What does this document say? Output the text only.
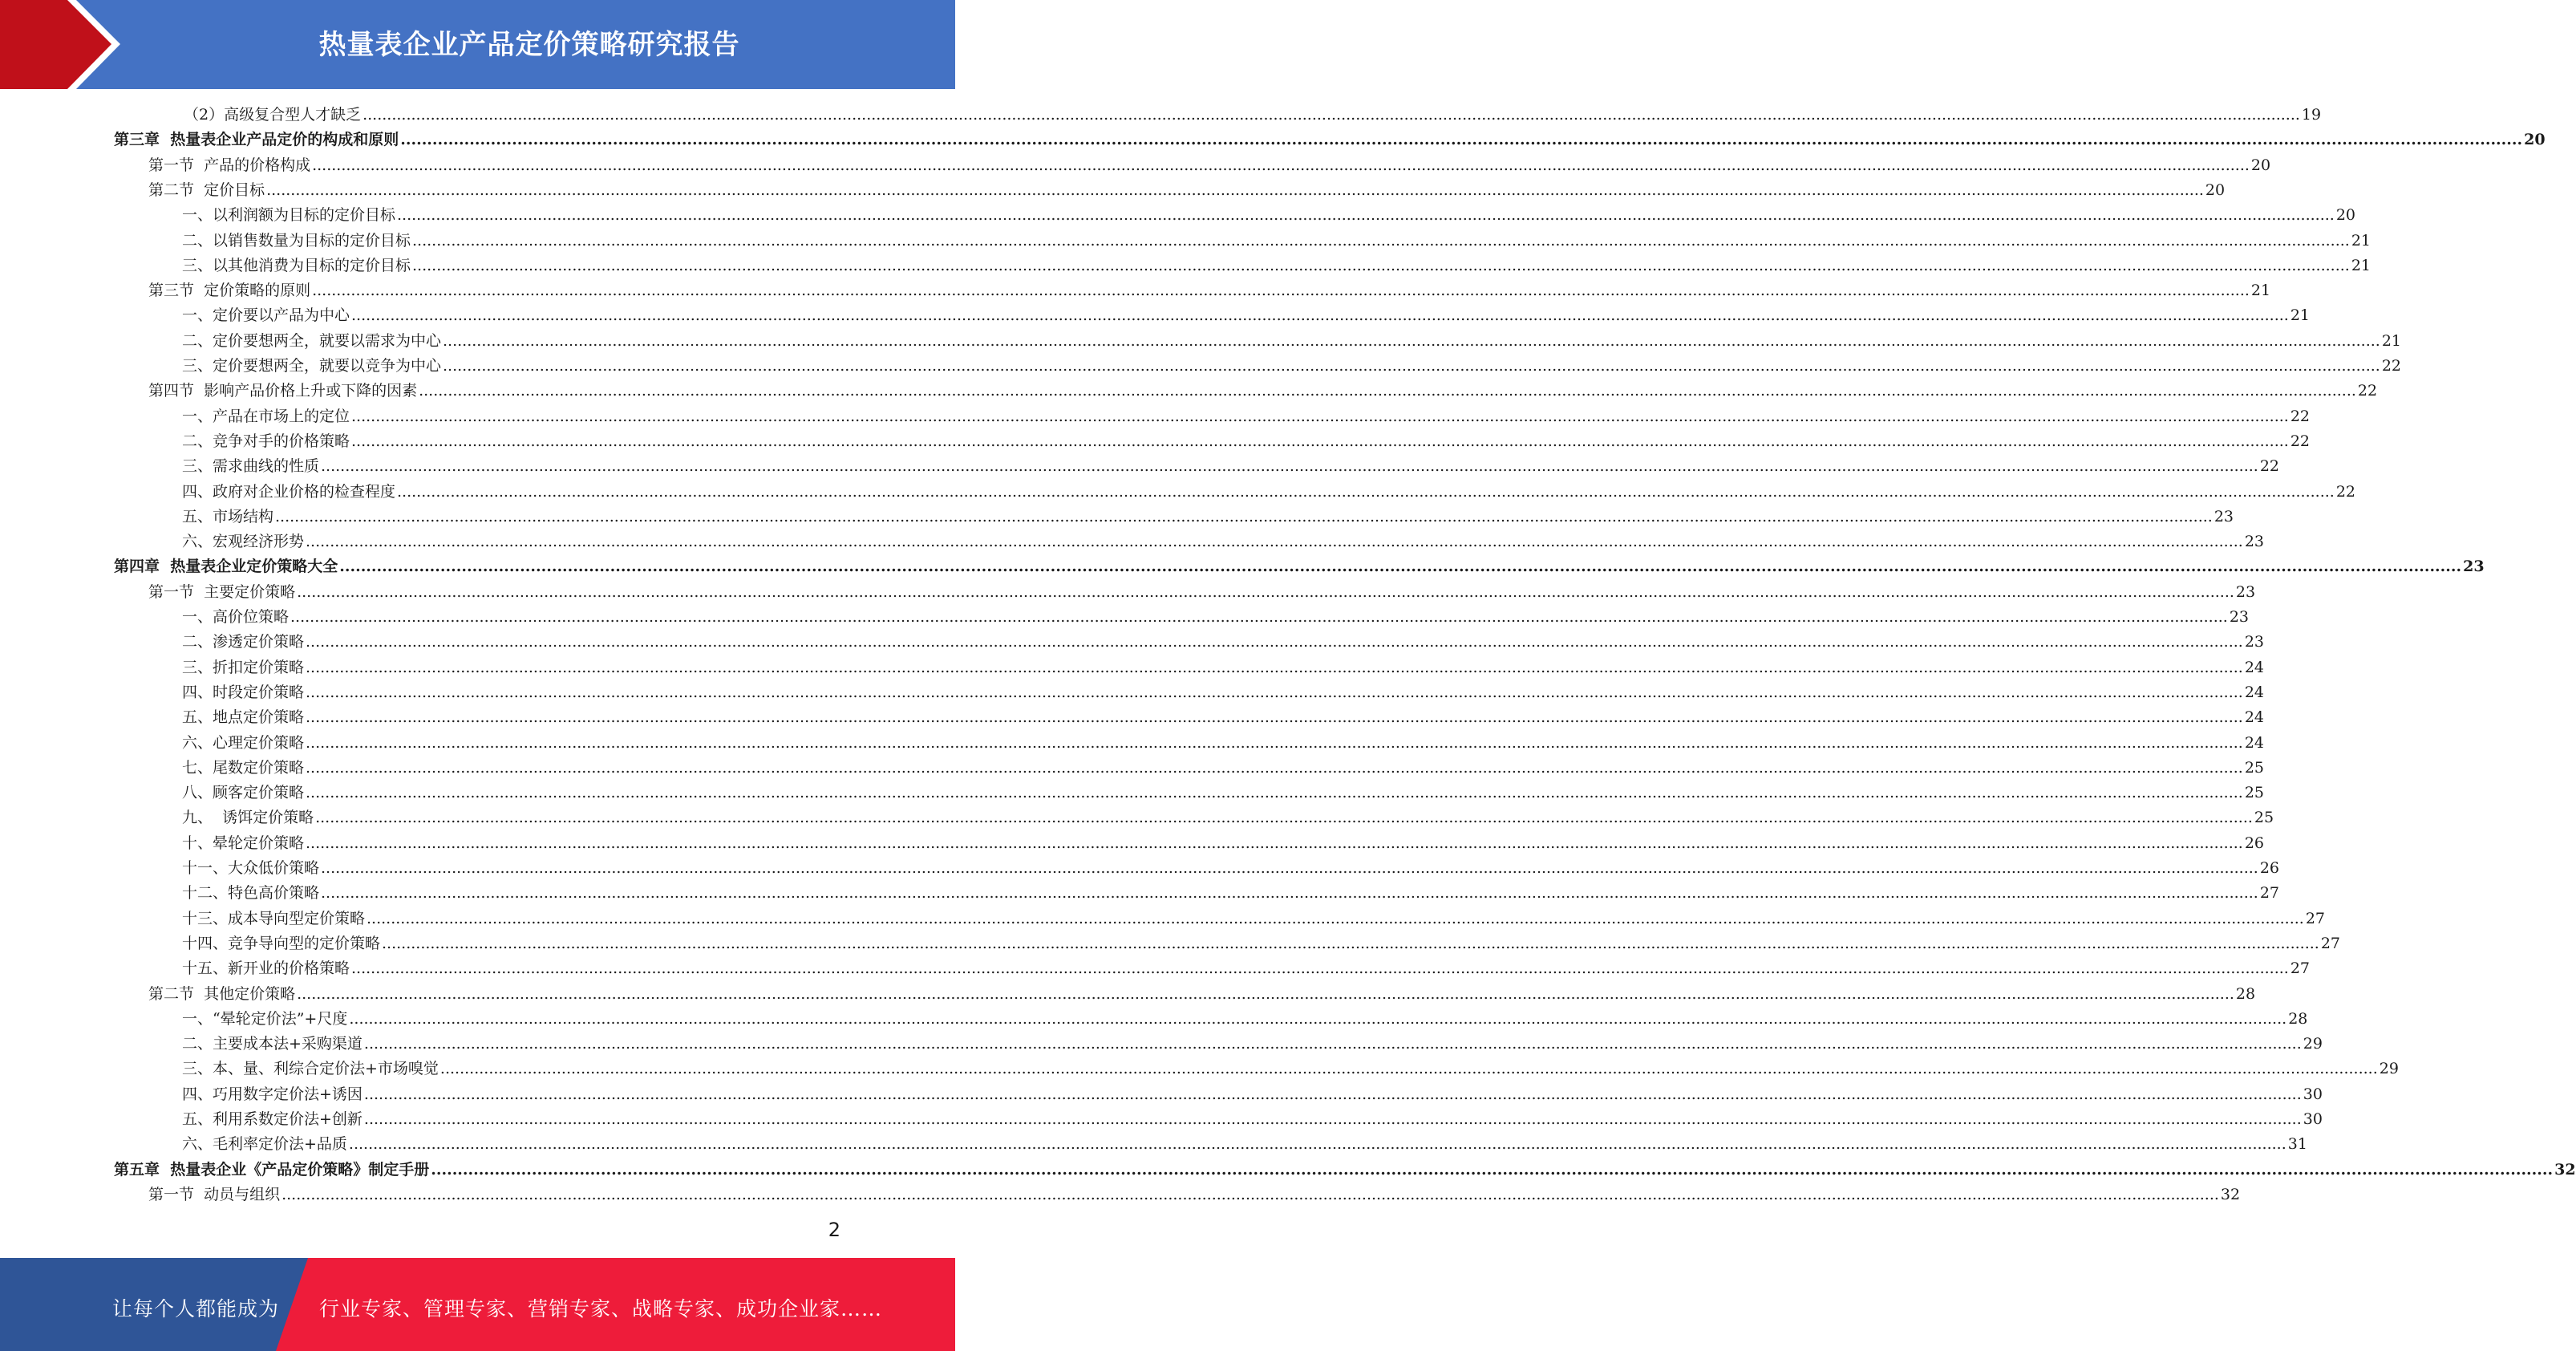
热量表企业产品定价策略研究报告
（2）高级复合型人才缺乏 ................................................................................................................................................................................................................................................................................................................................................................................................................ 19
第三章  热量表企业产品定价的构成和原则 ................................................................................................................................................................................................................................................................................................................................................................................................................ 20
第一节  产品的价格构成 ................................................................................................................................................................................................................................................................................................................................................................................................................ 20
第二节  定价目标 ................................................................................................................................................................................................................................................................................................................................................................................................................ 20
一、以利润额为目标的定价目标 ................................................................................................................................................................................................................................................................................................................................................................................................................ 20
二、以销售数量为目标的定价目标 ................................................................................................................................................................................................................................................................................................................................................................................................................ 21
三、以其他消费为目标的定价目标 ................................................................................................................................................................................................................................................................................................................................................................................................................ 21
第三节  定价策略的原则 ................................................................................................................................................................................................................................................................................................................................................................................................................ 21
一、定价要以产品为中心 ................................................................................................................................................................................................................................................................................................................................................................................................................ 21
二、定价要想两全，就要以需求为中心 ................................................................................................................................................................................................................................................................................................................................................................................................................ 21
三、定价要想两全，就要以竞争为中心 ................................................................................................................................................................................................................................................................................................................................................................................................................ 22
第四节  影响产品价格上升或下降的因素 ................................................................................................................................................................................................................................................................................................................................................................................................................ 22
一、产品在市场上的定位 ................................................................................................................................................................................................................................................................................................................................................................................................................ 22
二、竞争对手的价格策略 ................................................................................................................................................................................................................................................................................................................................................................................................................ 22
三、需求曲线的性质 ................................................................................................................................................................................................................................................................................................................................................................................................................ 22
四、政府对企业价格的检查程度 ................................................................................................................................................................................................................................................................................................................................................................................................................ 22
五、市场结构 ................................................................................................................................................................................................................................................................................................................................................................................................................ 23
六、宏观经济形势 ................................................................................................................................................................................................................................................................................................................................................................................................................ 23
第四章  热量表企业定价策略大全 ................................................................................................................................................................................................................................................................................................................................................................................................................ 23
第一节  主要定价策略 ................................................................................................................................................................................................................................................................................................................................................................................................................ 23
一、高价位策略 ................................................................................................................................................................................................................................................................................................................................................................................................................ 23
二、渗透定价策略 ................................................................................................................................................................................................................................................................................................................................................................................................................ 23
三、折扣定价策略 ................................................................................................................................................................................................................................................................................................................................................................................................................ 24
四、时段定价策略 ................................................................................................................................................................................................................................................................................................................................................................................................................ 24
五、地点定价策略 ................................................................................................................................................................................................................................................................................................................................................................................................................ 24
六、心理定价策略 ................................................................................................................................................................................................................................................................................................................................................................................................................ 24
七、尾数定价策略 ................................................................................................................................................................................................................................................................................................................................................................................................................ 25
八、顾客定价策略 ................................................................................................................................................................................................................................................................................................................................................................................................................ 25
九、  诱饵定价策略 ................................................................................................................................................................................................................................................................................................................................................................................................................ 25
十、晕轮定价策略 ................................................................................................................................................................................................................................................................................................................................................................................................................ 26
十一、大众低价策略 ................................................................................................................................................................................................................................................................................................................................................................................................................ 26
十二、特色高价策略 ................................................................................................................................................................................................................................................................................................................................................................................................................ 27
十三、成本导向型定价策略 ................................................................................................................................................................................................................................................................................................................................................................................................................ 27
十四、竞争导向型的定价策略 ................................................................................................................................................................................................................................................................................................................................................................................................................ 27
十五、新开业的价格策略 ................................................................................................................................................................................................................................................................................................................................................................................................................ 27
第二节  其他定价策略 ................................................................................................................................................................................................................................................................................................................................................................................................................ 28
一、“晕轮定价法”+尺度 ................................................................................................................................................................................................................................................................................................................................................................................................................ 28
二、主要成本法+采购渠道 ................................................................................................................................................................................................................................................................................................................................................................................................................ 29
三、本、量、利综合定价法+市场嗅觉 ................................................................................................................................................................................................................................................................................................................................................................................................................ 29
四、巧用数字定价法+诱因 ................................................................................................................................................................................................................................................................................................................................................................................................................ 30
五、利用系数定价法+创新 ................................................................................................................................................................................................................................................................................................................................................................................................................ 30
六、毛利率定价法+品质 ................................................................................................................................................................................................................................................................................................................................................................................................................ 31
第五章  热量表企业《产品定价策略》制定手册 ................................................................................................................................................................................................................................................................................................................................................................................................................ 32
第一节  动员与组织 ................................................................................................................................................................................................................................................................................................................................................................................................................ 32
2
让每个人都能成为 行业专家、管理专家、营销专家、战略专家、成功企业家……
